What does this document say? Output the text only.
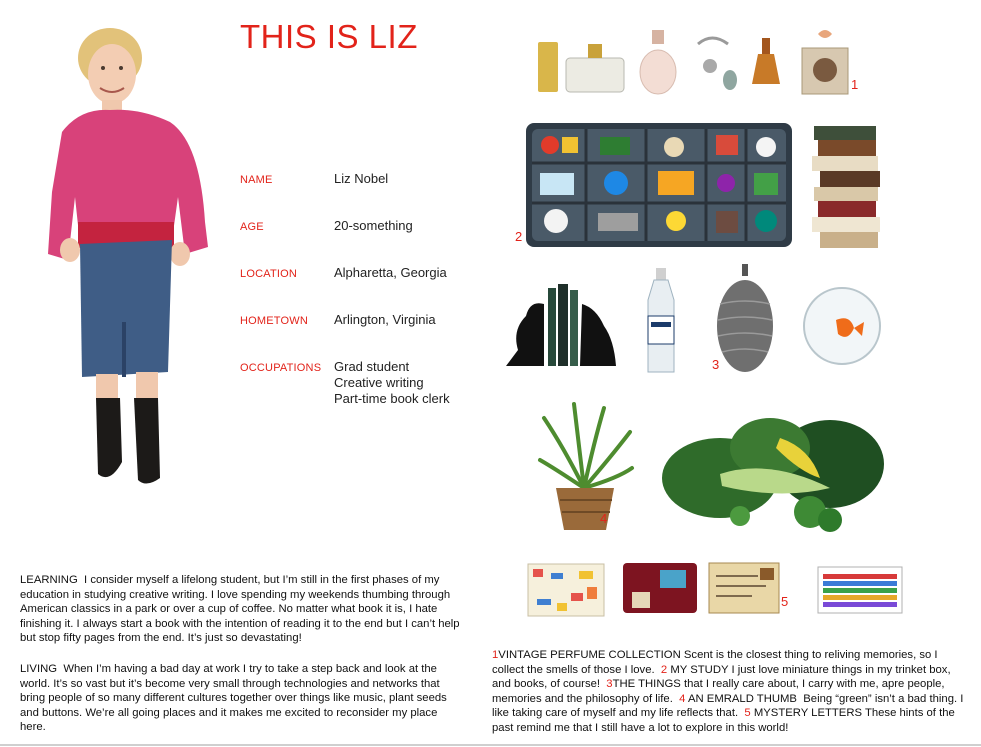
THIS IS LIZ
NAME	Liz Nobel
AGE	20-something
LOCATION	Alpharetta, Georgia
HOMETOWN Arlington, Virginia
OCCUPATIONS Grad student
Creative writing
Part-time book clerk
1
2
3
4
5
LEARNING I consider myself a lifelong student, but I’m still in the first phases of my education in studying creative writing. I love spending my weekends thumbing through American classics in a park or over a cup of coffee. No matter what book it is, I hate finishing it. I always start a book with the intention of reading it to the end but I can’t help but stop fifty pages from the end. It’s just so devastating!
LIVING When I’m having a bad day at work I try to take a step back and look at the world. It’s so vast but it’s become very small through technologies and networks that bring people of so many different cultures together over things like music, plant seeds and buttons. We’re all going places and it makes me excited to reconsider my place here.
1VINTAGE PERFUME COLLECTION Scent is the closest thing to reliving memories, so I collect the smells of those I love. 2 MY STUDY I just love miniature things in my trinket box, and books, of course! 3THE THINGS that I really care about, I carry with me, apre people, memories and the philosophy of life. 4 AN EMRALD THUMB Being “green” isn’t a bad thing. I like taking care of myself and my life reflects that. 5 MYSTERY LETTERS These hints of the past remind me that I still have a lot to explore in this world!
